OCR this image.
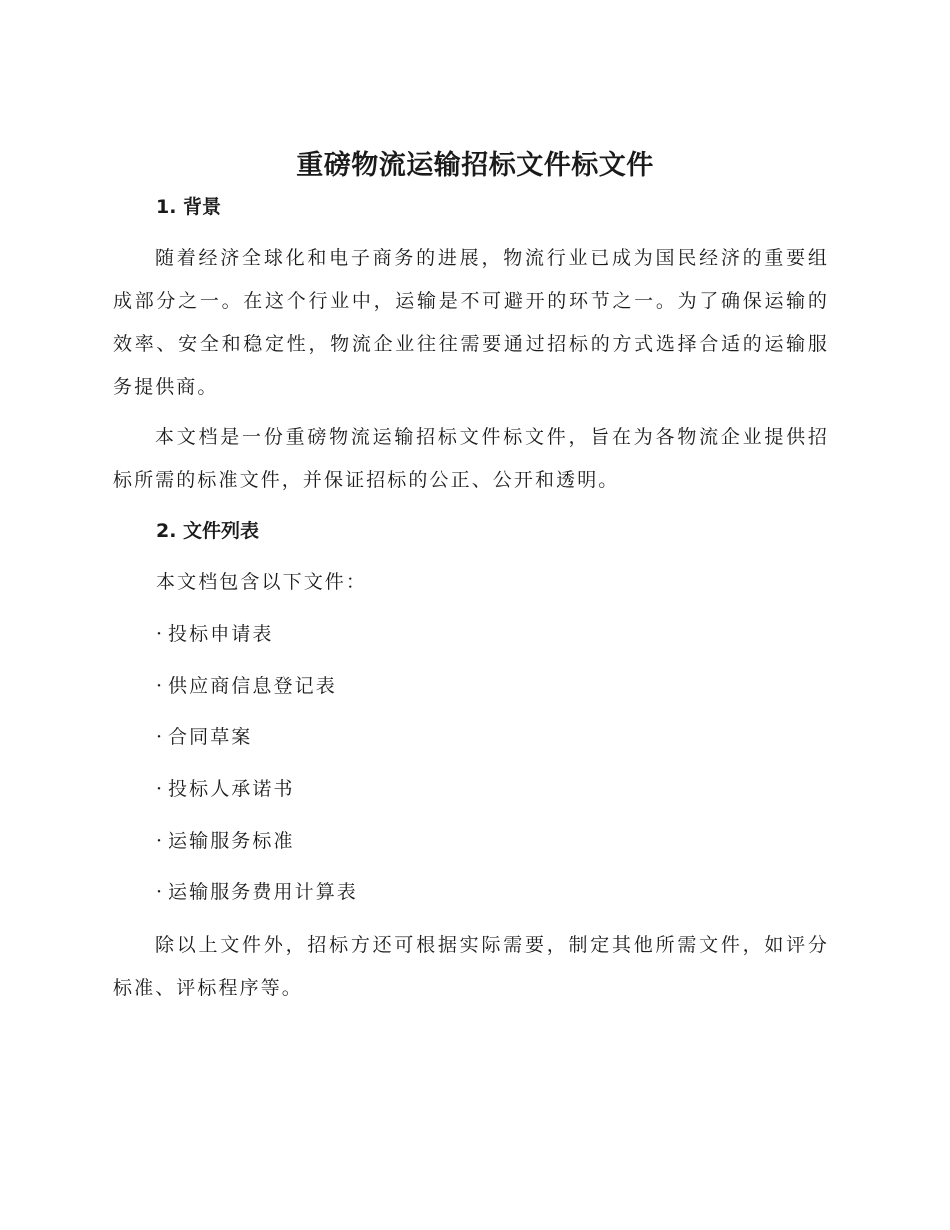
重磅物流运输招标文件标文件
1. 背景

随着经济全球化和电子商务的进展，物流行业已成为国民经济的重要组成部分之一。在这个行业中，运输是不可避开的环节之一。为了确保运输的效率、安全和稳定性，物流企业往往需要通过招标的方式选择合适的运输服务提供商。

本文档是一份重磅物流运输招标文件标文件，旨在为各物流企业提供招标所需的标准文件，并保证招标的公正、公开和透明。

2. 文件列表
本文档包含以下文件：
· 投标申请表
· 供应商信息登记表
· 合同草案
· 投标人承诺书
· 运输服务标准
· 运输服务费用计算表

除以上文件外，招标方还可根据实际需要，制定其他所需文件，如评分标准、评标程序等。
